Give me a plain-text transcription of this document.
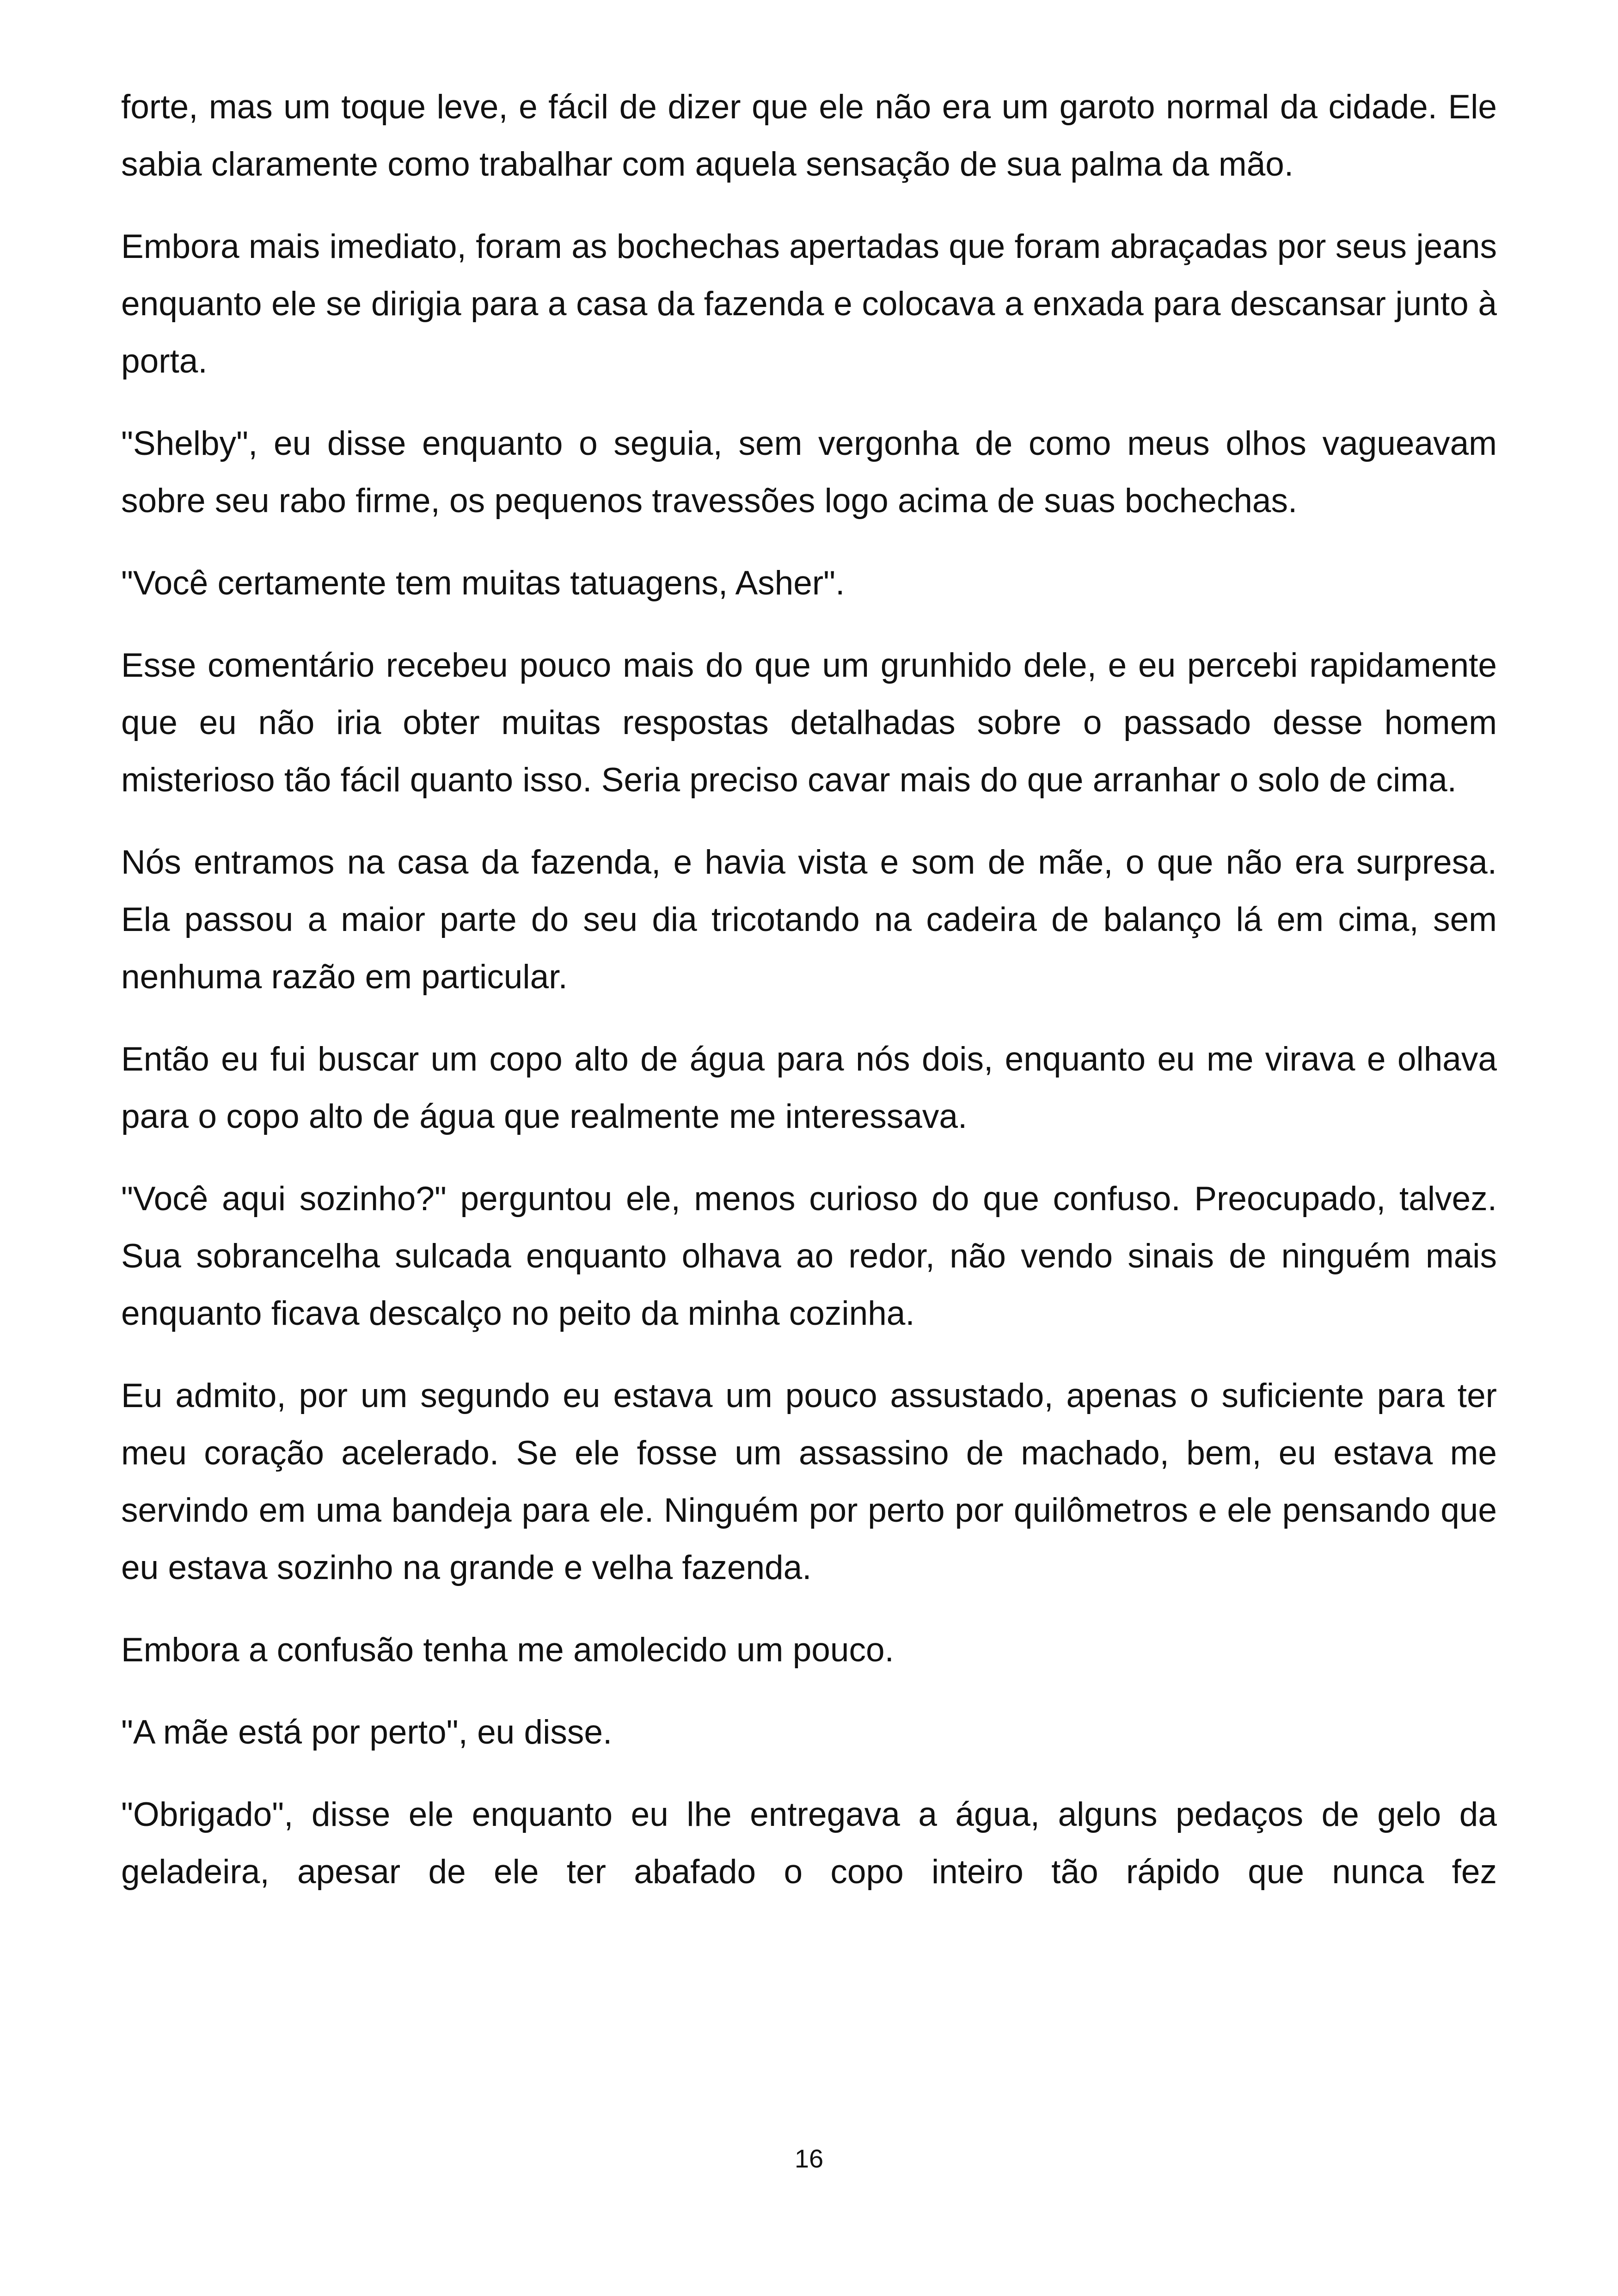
forte, mas um toque leve, e fácil de dizer que ele não era um garoto normal da cidade. Ele sabia claramente como trabalhar com aquela sensação de sua palma da mão.

Embora mais imediato, foram as bochechas apertadas que foram abraçadas por seus jeans enquanto ele se dirigia para a casa da fazenda e colocava a enxada para descansar junto à porta.

"Shelby", eu disse enquanto o seguia, sem vergonha de como meus olhos vagueavam sobre seu rabo firme, os pequenos travessões logo acima de suas bochechas.

"Você certamente tem muitas tatuagens, Asher".

Esse comentário recebeu pouco mais do que um grunhido dele, e eu percebi rapidamente que eu não iria obter muitas respostas detalhadas sobre o passado desse homem misterioso tão fácil quanto isso. Seria preciso cavar mais do que arranhar o solo de cima.

Nós entramos na casa da fazenda, e havia vista e som de mãe, o que não era surpresa. Ela passou a maior parte do seu dia tricotando na cadeira de balanço lá em cima, sem nenhuma razão em particular.

Então eu fui buscar um copo alto de água para nós dois, enquanto eu me virava e olhava para o copo alto de água que realmente me interessava.

"Você aqui sozinho?" perguntou ele, menos curioso do que confuso. Preocupado, talvez. Sua sobrancelha sulcada enquanto olhava ao redor, não vendo sinais de ninguém mais enquanto ficava descalço no peito da minha cozinha.

Eu admito, por um segundo eu estava um pouco assustado, apenas o suficiente para ter meu coração acelerado. Se ele fosse um assassino de machado, bem, eu estava me servindo em uma bandeja para ele. Ninguém por perto por quilômetros e ele pensando que eu estava sozinho na grande e velha fazenda.

Embora a confusão tenha me amolecido um pouco.

"A mãe está por perto", eu disse.

"Obrigado", disse ele enquanto eu lhe entregava a água, alguns pedaços de gelo da geladeira, apesar de ele ter abafado o copo inteiro tão rápido que nunca fez

16
